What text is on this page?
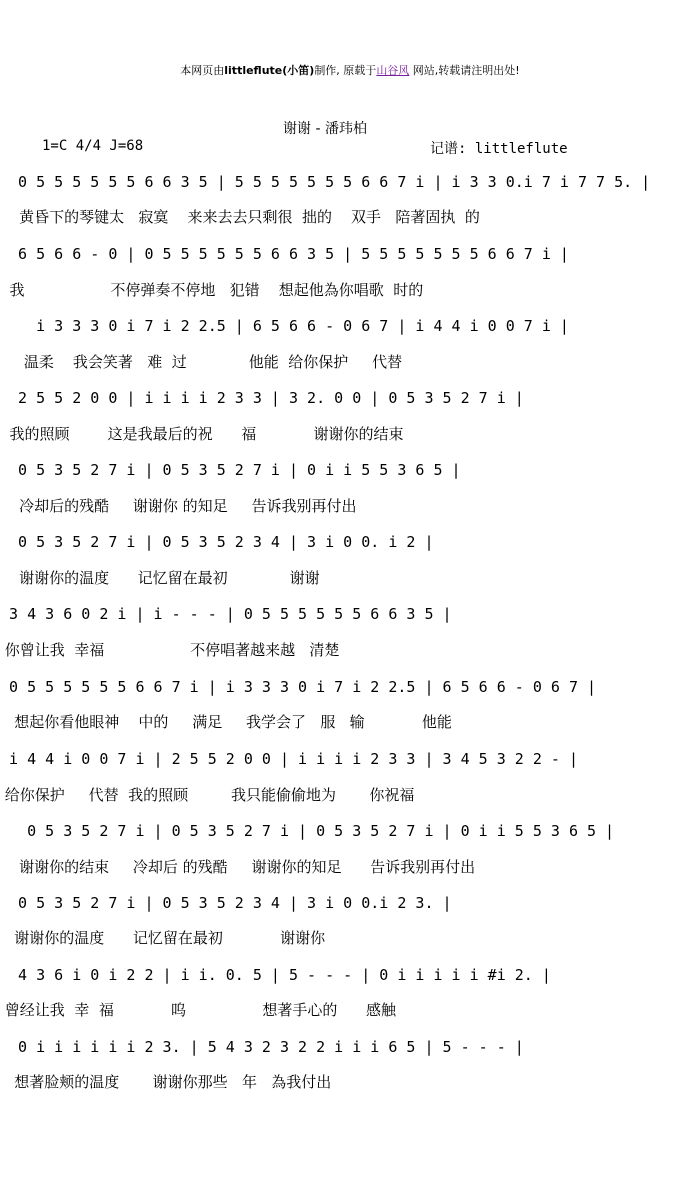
本网页由littleflute(小笛)制作, 原载于山谷风 网站,转载请注明出处!
谢谢 - 潘玮柏
1=C 4/4 J=68	记谱: littleflute
0 5 5 5 5 5 5 6 6 3 5 | 5 5 5 5 5 5 5 6 6 7 i | i 3 3 0.i 7 i 7 7 5. |
黄昏下的琴键太   寂寞    来来去去只剩很  拙的    双手   陪著固执  的
6 5 6 6 - 0 | 0 5 5 5 5 5 5 6 6 3 5 | 5 5 5 5 5 5 5 6 6 7 i |
我                  不停弹奏不停地   犯错    想起他為你唱歌  时的
i 3 3 3 0 i 7 i 2 2.5 | 6 5 6 6 - 0 6 7 | i 4 4 i 0 0 7 i |
温柔    我会笑著   难  过             他能  给你保护     代替
2 5 5 2 0 0 | i i i i 2 3 3 | 3 2. 0 0 | 0 5 3 5 2 7 i |
我的照顾        这是我最后的祝      福            谢谢你的结束
0 5 3 5 2 7 i | 0 5 3 5 2 7 i | 0 i i 5 5 3 6 5 |
冷却后的残酷     谢谢你 的知足     告诉我别再付出
0 5 3 5 2 7 i | 0 5 3 5 2 3 4 | 3 i 0 0. i 2 |
谢谢你的温度      记忆留在最初             谢谢
3 4 3 6 0 2 i | i - - - | 0 5 5 5 5 5 5 6 6 3 5 |
你曾让我  幸福                  不停唱著越来越   清楚
0 5 5 5 5 5 5 6 6 7 i | i 3 3 3 0 i 7 i 2 2.5 | 6 5 6 6 - 0 6 7 |
想起你看他眼神    中的     满足     我学会了   服   输            他能
i 4 4 i 0 0 7 i | 2 5 5 2 0 0 | i i i i 2 3 3 | 3 4 5 3 2 2 - |
给你保护     代替  我的照顾         我只能偷偷地为       你祝福
0 5 3 5 2 7 i | 0 5 3 5 2 7 i | 0 5 3 5 2 7 i | 0 i i 5 5 3 6 5 |
谢谢你的结束     冷却后 的残酷     谢谢你的知足      告诉我别再付出
0 5 3 5 2 7 i | 0 5 3 5 2 3 4 | 3 i 0 0.i 2 3. |
谢谢你的温度      记忆留在最初            谢谢你
4 3 6 i 0 i 2 2 | i i. 0. 5 | 5 - - - | 0 i i i i i #i 2. |
曾经让我  幸  福            呜                想著手心的      感触
0 i i i i i i 2 3. | 5 4 3 2 3 2 2 i i i 6 5 | 5 - - - |
想著脸颊的温度       谢谢你那些   年   為我付出
